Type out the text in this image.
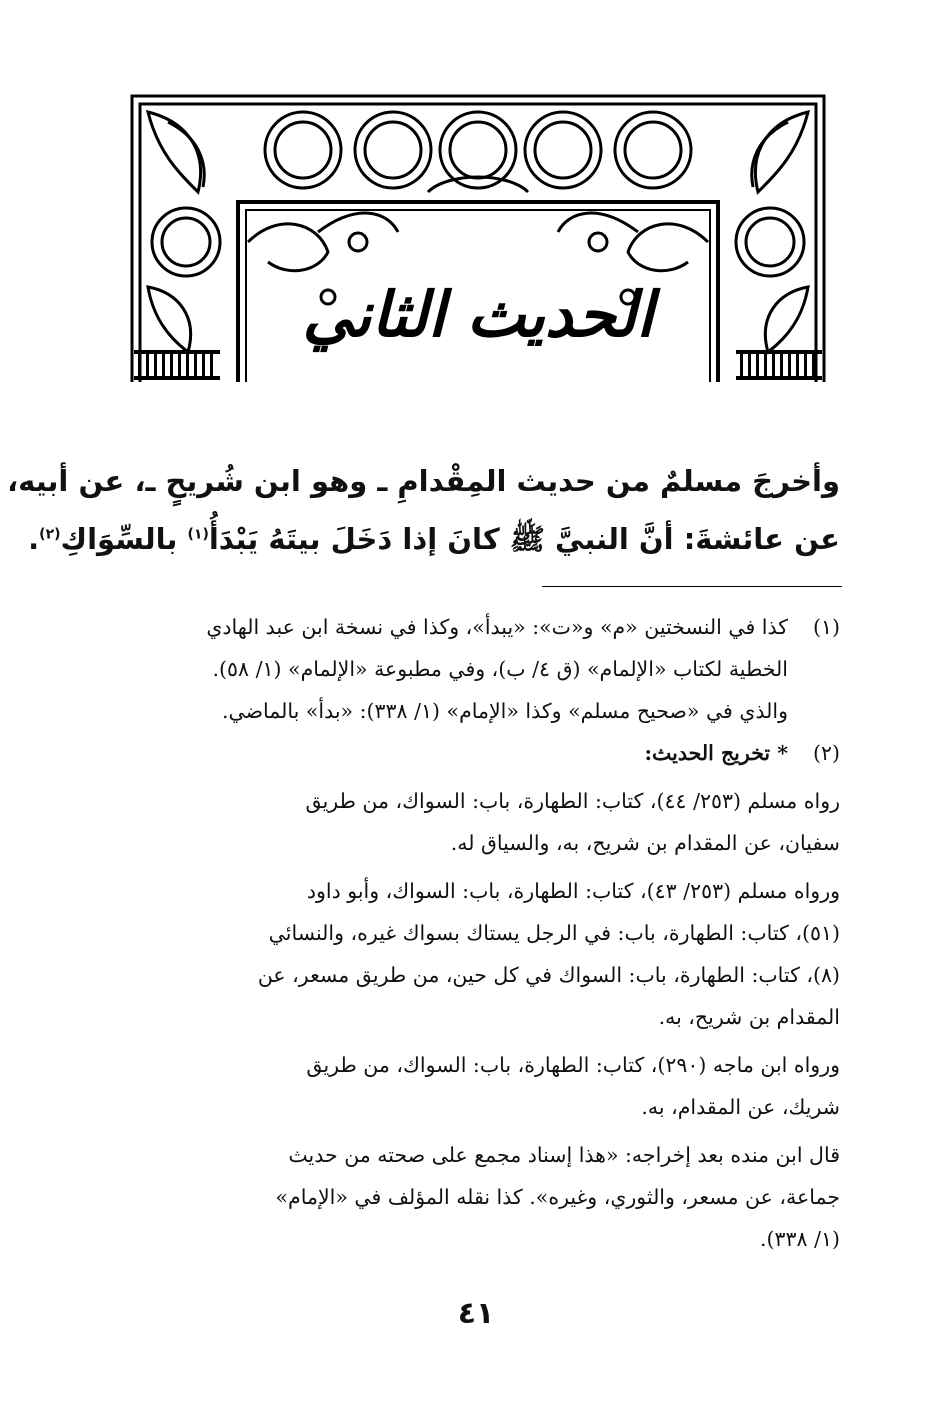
الحديث الثاني
وأخرجَ مسلمٌ من حديث المِقْدامِ ـ وهو ابن شُريحٍ ـ، عن أبيه،
عن عائشةَ: أنَّ النبيَّ ﷺ كانَ إذا دَخَلَ بيتَهُ يَبْدَأُ$^{(١)}$ بالسِّوَاكِ$^{(٢)}$.
(١)
كذا في النسختين «م» و«ت»: «يبدأ»، وكذا في نسخة ابن عبد الهادي
الخطية لكتاب «الإلمام» (ق ٤/ ب)، وفي مطبوعة «الإلمام» (١/ ٥٨).
والذي في «صحيح مسلم» وكذا «الإمام» (١/ ٣٣٨): «بدأ» بالماضي.
(٢)
* تخريج الحديث:
رواه مسلم (٢٥٣/ ٤٤)، كتاب: الطهارة، باب: السواك، من طريق
سفيان، عن المقدام بن شريح، به، والسياق له.
ورواه مسلم (٢٥٣/ ٤٣)، كتاب: الطهارة، باب: السواك، وأبو داود
(٥١)، كتاب: الطهارة، باب: في الرجل يستاك بسواك غيره، والنسائي
(٨)، كتاب: الطهارة، باب: السواك في كل حين، من طريق مسعر، عن
المقدام بن شريح، به.
ورواه ابن ماجه (٢٩٠)، كتاب: الطهارة، باب: السواك، من طريق
شريك، عن المقدام، به.
قال ابن منده بعد إخراجه: «هذا إسناد مجمع على صحته من حديث
جماعة، عن مسعر، والثوري، وغيره». كذا نقله المؤلف في «الإمام»
(١/ ٣٣٨).
٤١
